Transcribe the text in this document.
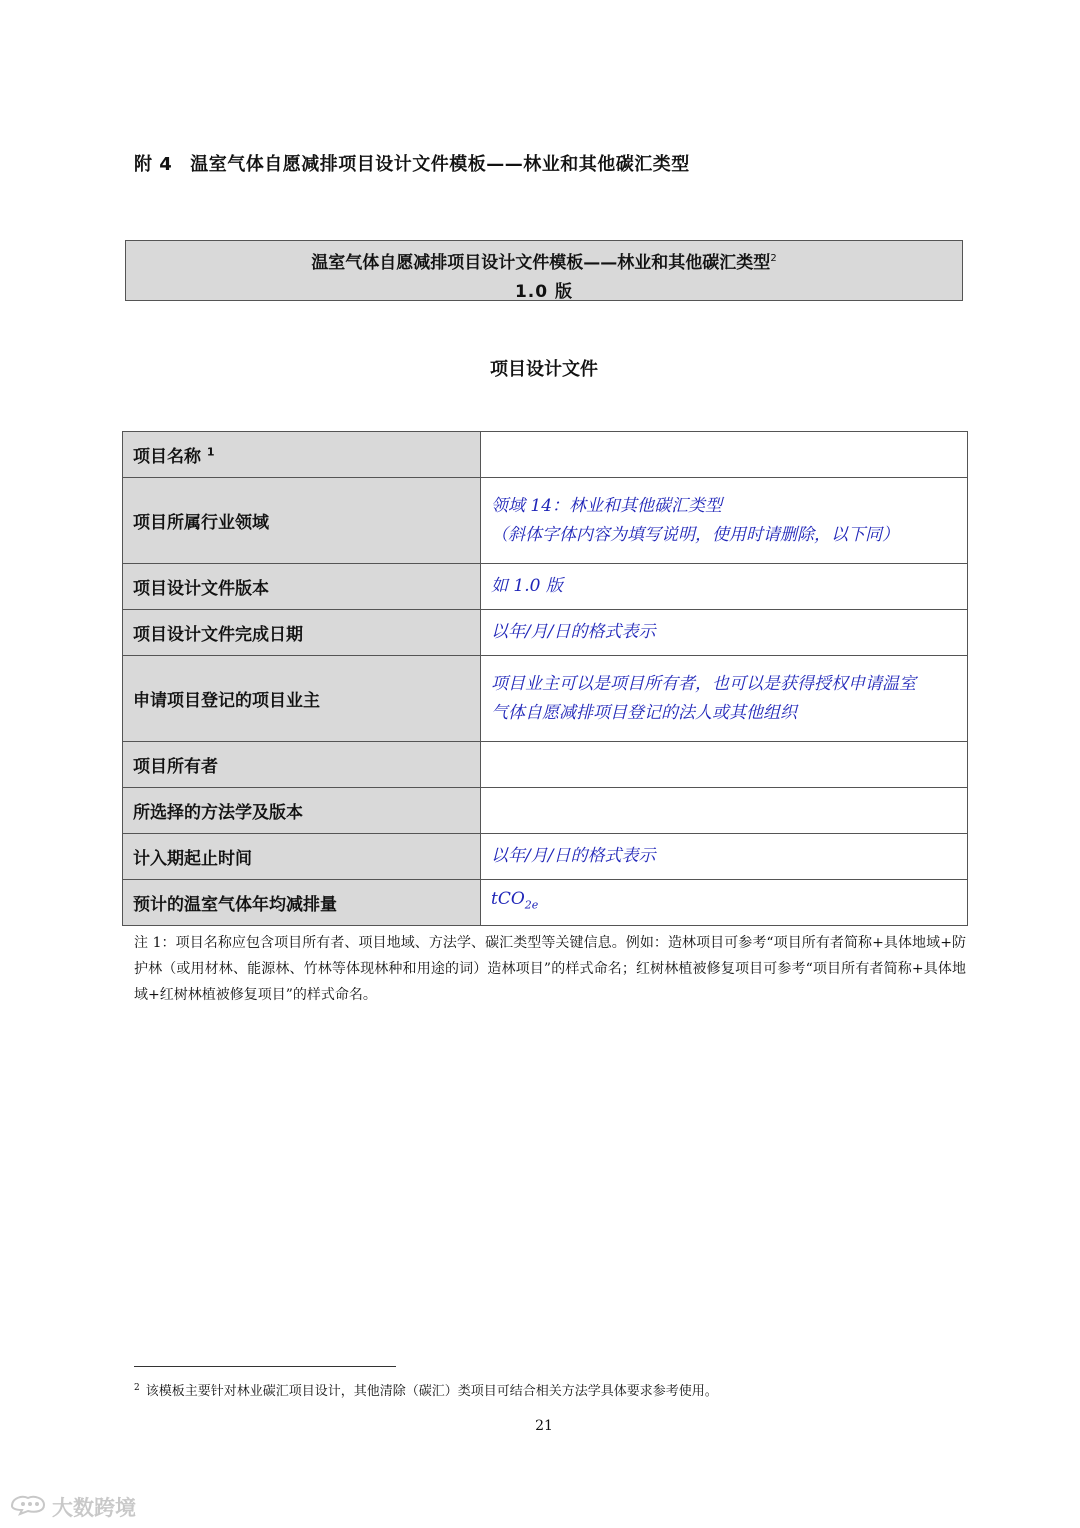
附 4 温室气体自愿减排项目设计文件模板——林业和其他碳汇类型
温室气体自愿减排项目设计文件模板——林业和其他碳汇类型$^2$
1.0 版
项目设计文件
项目名称 $^1$	
项目所属行业领域	领域 14：林业和其他碳汇类型
（斜体字体内容为填写说明，使用时请删除，以下同）

项目设计文件版本	如 1.0 版
项目设计文件完成日期	以年/月/日的格式表示
申请项目登记的项目业主	项目业主可以是项目所有者，也可以是获得授权申请温室
气体自愿减排项目登记的法人或其他组织

项目所有者	
所选择的方法学及版本	
计入期起止时间	以年/月/日的格式表示
预计的温室气体年均减排量	tCO$_{2e}$
注 1：项目名称应包含项目所有者、项目地域、方法学、碳汇类型等关键信息。例如：造林项目可参考“项目所有者简称+具体地域+防护林（或用材林、能源林、竹林等体现林种和用途的词）造林项目”的样式命名；红树林植被修复项目可参考“项目所有者简称+具体地域+红树林植被修复项目”的样式命名。
$^2$ 该模板主要针对林业碳汇项目设计，其他清除（碳汇）类项目可结合相关方法学具体要求参考使用。
21
大数跨境
